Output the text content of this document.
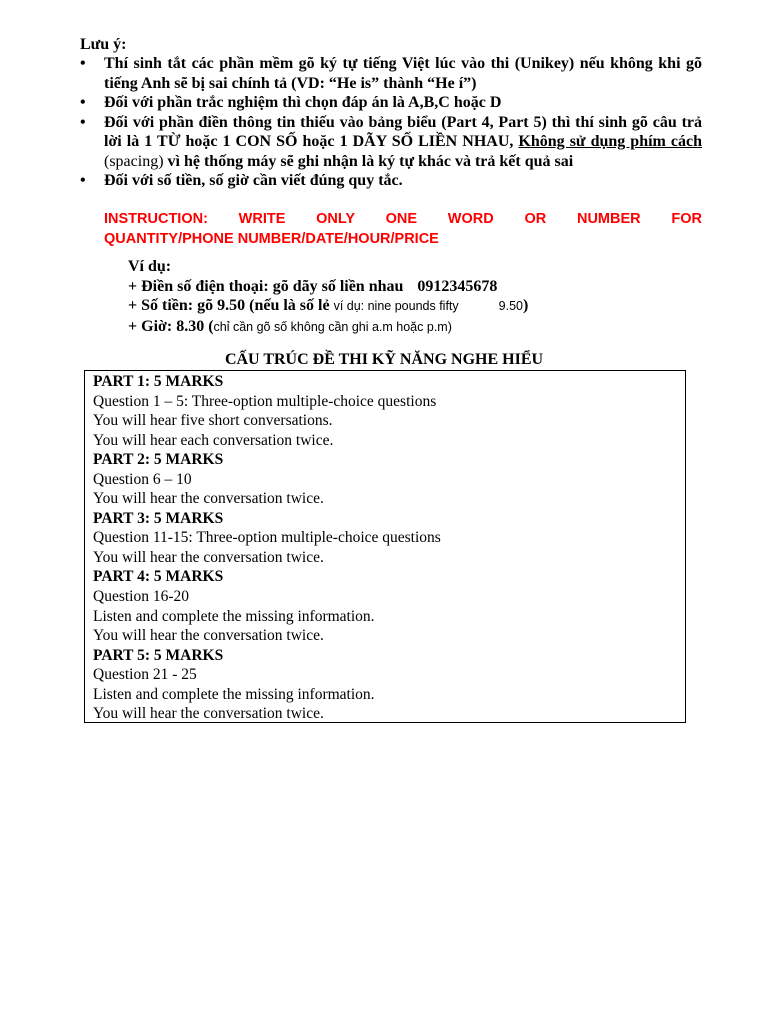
Lưu ý:
•	Thí sinh tắt các phần mềm gõ ký tự tiếng Việt lúc vào thi (Unikey) nếu không khi gõ tiếng Anh sẽ bị sai chính tả (VD: “He is” thành “He í”)
•	Đối với phần trắc nghiệm thì chọn đáp án là A,B,C hoặc D
•	Đối với phần điền thông tin thiếu vào bảng biểu (Part 4, Part 5) thì thí sinh gõ câu trả lời là 1 TỪ hoặc 1 CON SỐ hoặc 1 DÃY SỐ LIỀN NHAU, Không sử dụng phím cách (spacing) vì hệ thống máy sẽ ghi nhận là ký tự khác và trả kết quả sai
•	Đối với số tiền, số giờ cần viết đúng quy tắc.
INSTRUCTION: WRITE ONLY ONE WORD OR NUMBER FOR
QUANTITY/PHONE NUMBER/DATE/HOUR/PRICE
Ví dụ:
+ Điền số điện thoại: gõ dãy số liền nhau 0912345678
+ Số tiền: gõ 9.50 (nếu là số lẻ ví dụ: nine pounds fifty	9.50)
+ Giờ: 8.30 (chỉ cần gõ số không cần ghi a.m hoặc p.m)
CẤU TRÚC ĐỀ THI KỸ NĂNG NGHE HIỂU
PART 1: 5 MARKS
Question 1 – 5: Three-option multiple-choice questions
You will hear five short conversations.
You will hear each conversation twice.
PART 2: 5 MARKS
Question 6 – 10
You will hear the conversation twice.
PART 3: 5 MARKS
Question 11-15: Three-option multiple-choice questions
You will hear the conversation twice.
PART 4: 5 MARKS
Question 16-20
Listen and complete the missing information.
You will hear the conversation twice.
PART 5: 5 MARKS
Question 21 - 25
Listen and complete the missing information.
You will hear the conversation twice.
